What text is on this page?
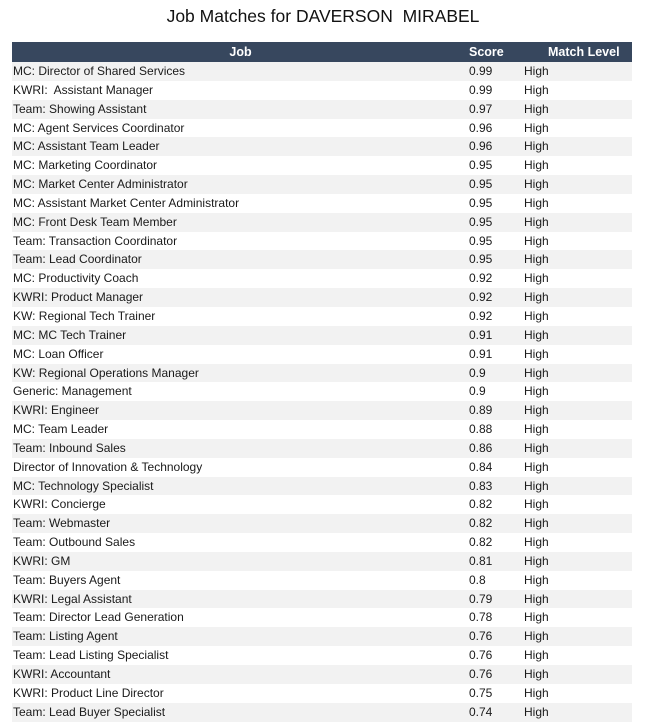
Job Matches for DAVERSON  MIRABEL
Job	Score	Match Level
MC: Director of Shared Services	0.99	High
KWRI:  Assistant Manager	0.99	High
Team: Showing Assistant	0.97	High
MC: Agent Services Coordinator	0.96	High
MC: Assistant Team Leader	0.96	High
MC: Marketing Coordinator	0.95	High
MC: Market Center Administrator	0.95	High
MC: Assistant Market Center Administrator	0.95	High
MC: Front Desk Team Member	0.95	High
Team: Transaction Coordinator	0.95	High
Team: Lead Coordinator	0.95	High
MC: Productivity Coach	0.92	High
KWRI: Product Manager	0.92	High
KW: Regional Tech Trainer	0.92	High
MC: MC Tech Trainer	0.91	High
MC: Loan Officer	0.91	High
KW: Regional Operations Manager	0.9	High
Generic: Management	0.9	High
KWRI: Engineer	0.89	High
MC: Team Leader	0.88	High
Team: Inbound Sales	0.86	High
Director of Innovation & Technology	0.84	High
MC: Technology Specialist	0.83	High
KWRI: Concierge	0.82	High
Team: Webmaster	0.82	High
Team: Outbound Sales	0.82	High
KWRI: GM	0.81	High
Team: Buyers Agent	0.8	High
KWRI: Legal Assistant	0.79	High
Team: Director Lead Generation	0.78	High
Team: Listing Agent	0.76	High
Team: Lead Listing Specialist	0.76	High
KWRI: Accountant	0.76	High
KWRI: Product Line Director	0.75	High
Team: Lead Buyer Specialist	0.74	High
